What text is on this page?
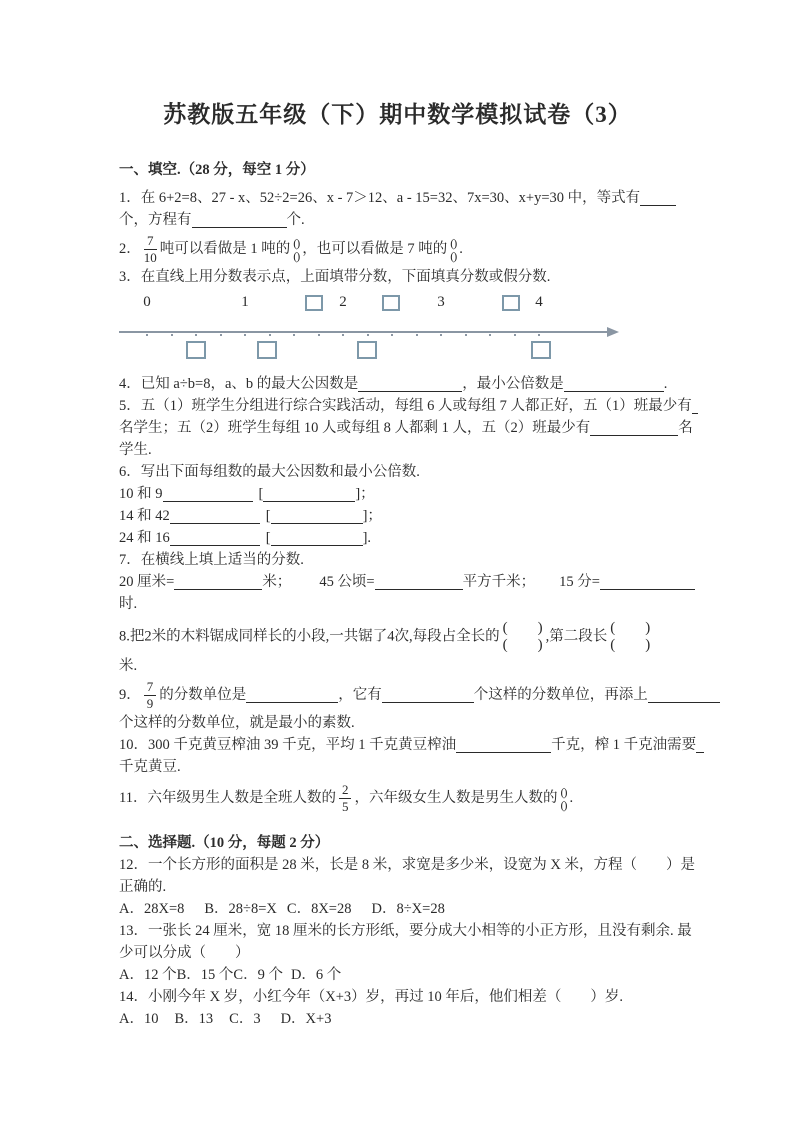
苏教版五年级（下）期中数学模拟试卷（3）
一、填空.（28 分，每空 1 分）
1．在 6+2=8、27 - x、52÷2=26、x - 7＞12、a - 15=32、7x=30、x+y=30 中，等式有
个，方程有	个.
2． $\frac{7}{10}$ 吨可以看做是 1 吨的 ()
() ，也可以看做是 7 吨的 ()
() .
3．在直线上用分数表示点，上面填带分数，下面填真分数或假分数.
0	1	2	3	4
4．已知 a÷b=8，a、b 的最大公因数是	，最小公倍数是	.
5．五（1）班学生分组进行综合实践活动，每组 6 人或每组 7 人都正好，五（1）班最少有
名学生；五（2）班学生每组 10 人或每组 8 人都剩 1 人，五（2）班最少有	名
学生.
6．写出下面每组数的最大公因数和最小公倍数.
10 和 9	[	]；
14 和 42	[	]；
24 和 16	[	].
7．在横线上填上适当的分数.
20 厘米=	米； 45 公顷=	平方千米； 15 分=
时.
8.把2米的木料锯成同样长的小段,一共锯了4次,每段占全长的
(　　)
(　　)
,第二段长
(　　)
(　　)
米.
9． $\frac{7}{9}$ 的分数单位是	，它有	个这样的分数单位，再添上
个这样的分数单位，就是最小的素数.
10．300 千克黄豆榨油 39 千克，平均 1 千克黄豆榨油	千克，榨 1 千克油需要
千克黄豆.
11．六年级男生人数是全班人数的 $\frac{2}{5}$ ，六年级女生人数是男生人数的 ()
() .
二、选择题.（10 分，每题 2 分）
12．一个长方形的面积是 28 米，长是 8 米，求宽是多少米，设宽为 X 米，方程（　　）是
正确的.
A．28X=8 B．28÷8=X C．8X=28 D．8÷X=28
13．一张长 24 厘米，宽 18 厘米的长方形纸，要分成大小相等的小正方形，且没有剩余. 最
少可以分成（　　）
A．12 个B．15 个C．9 个 D．6 个
14．小刚今年 X 岁，小红今年（X+3）岁，再过 10 年后，他们相差（　　）岁.
A．10 B．13 C．3 D．X+3
